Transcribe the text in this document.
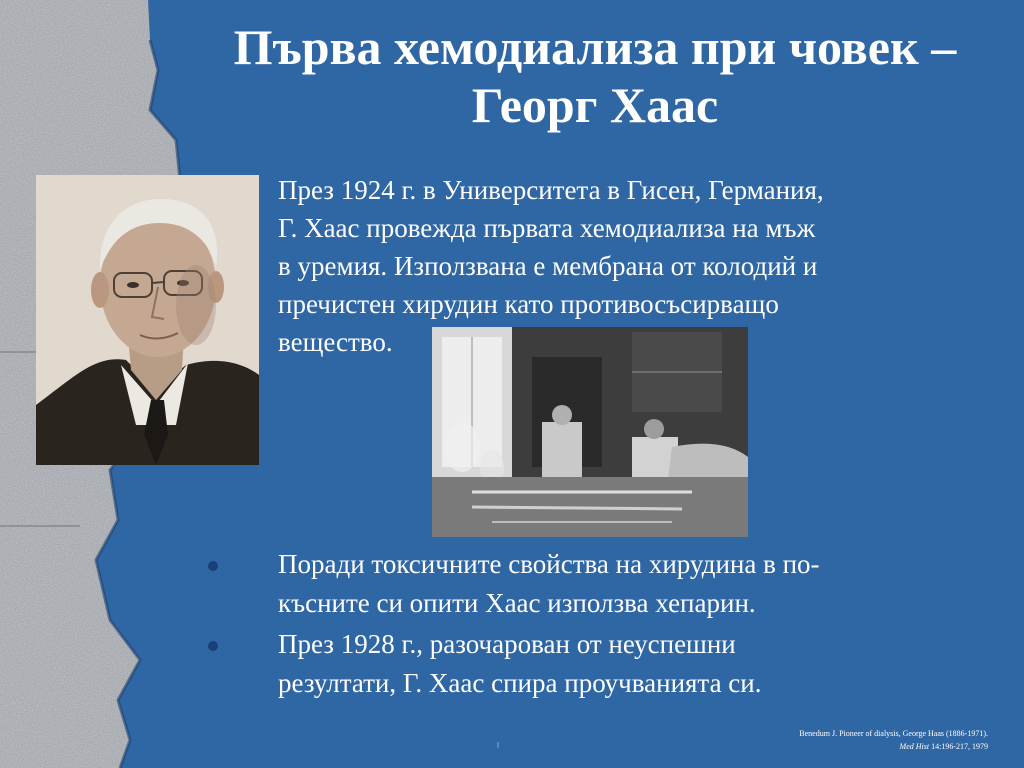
Първа хемодиализа при човек –
Георг Хаас

През 1924 г. в Университета в Гисен, Германия,
Г. Хаас провежда първата хемодиализа на мъж
в уремия. Използвана е мембрана от колодий и
пречистен хирудин като противосъсирващо
вещество.

Поради токсичните свойства на хирудина в по-
късните си опити Хаас използва хепарин.
През 1928 г., разочарован от неуспешни
резултати, Г. Хаас спира проучванията си.
Benedum J. Pioneer of dialysis, George Haas (1886-1971).
Med Hist 14:196-217, 1979
